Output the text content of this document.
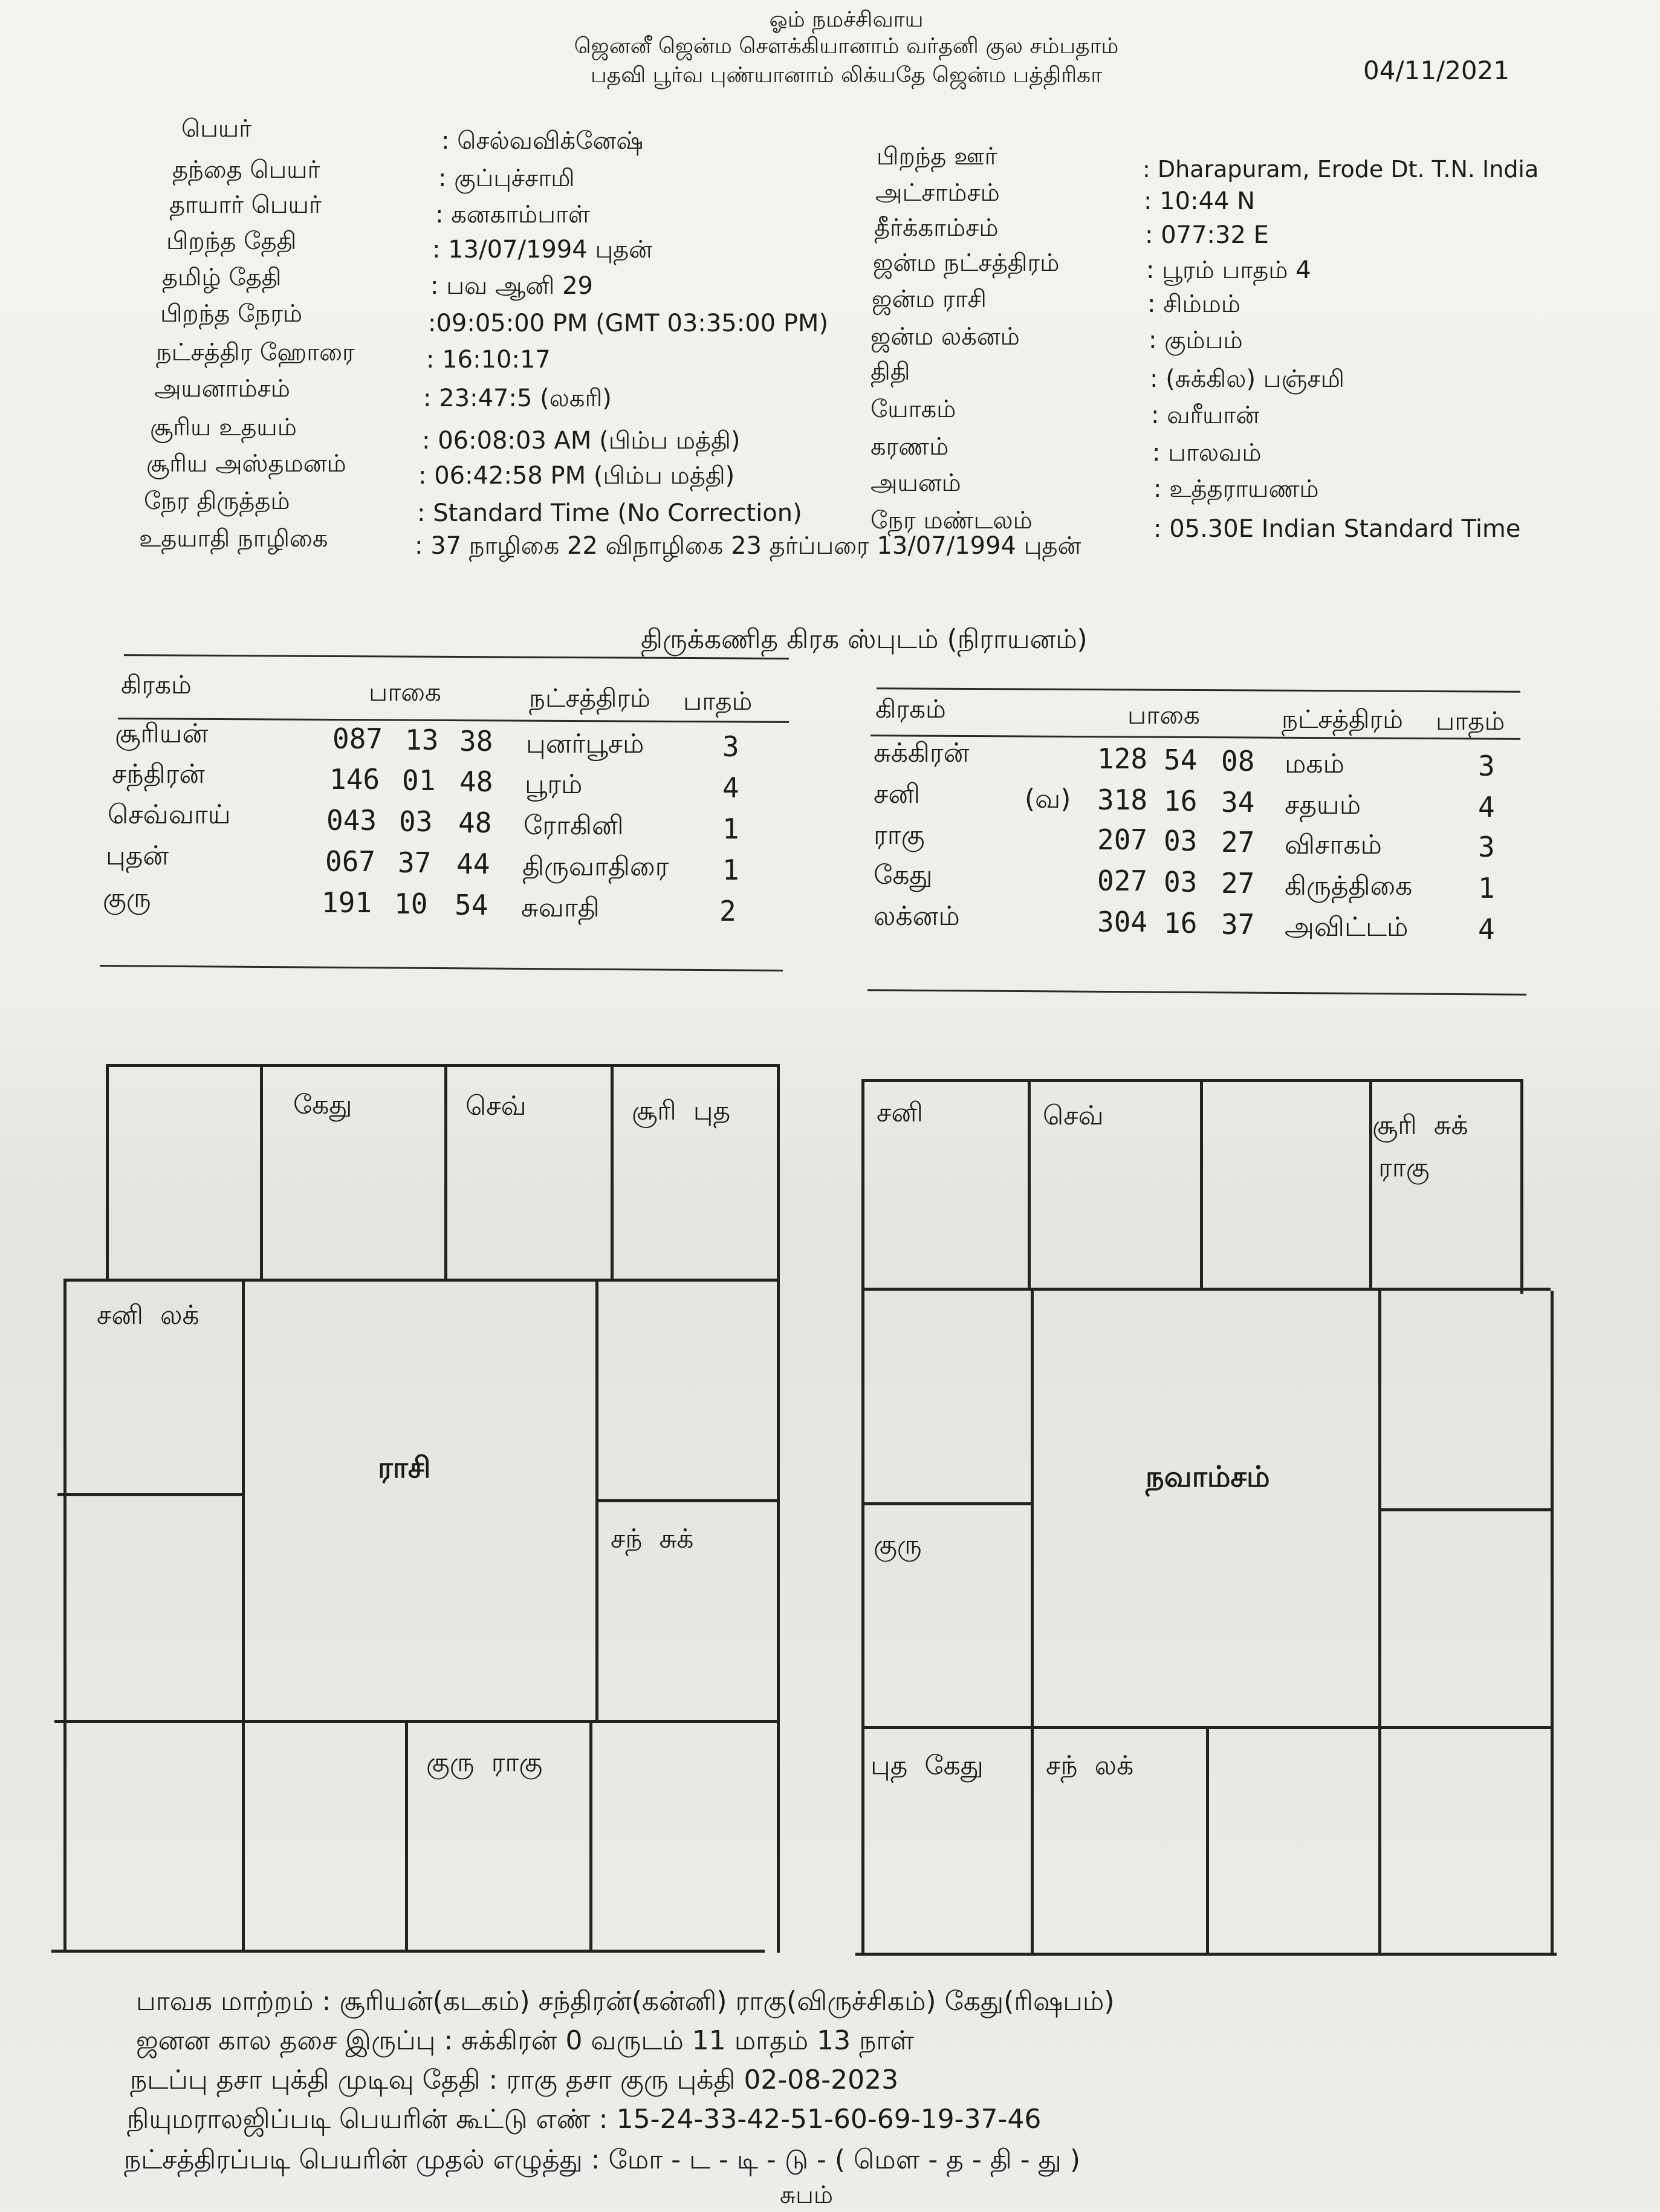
ஓம் நமச்சிவாய
ஜெனனீ ஜென்ம சௌக்கியானாம் வர்தனி குல சம்பதாம்
பதவி பூர்வ புண்யானாம் லிக்யதே ஜென்ம பத்திரிகா	04/11/2021
பெயர்	: செல்வவிக்னேஷ்
தந்தை பெயர்	: குப்புச்சாமி
தாயார் பெயர்	: கனகாம்பாள்
பிறந்த தேதி	: 13/07/1994 புதன்
தமிழ் தேதி	: பவ ஆனி 29
பிறந்த நேரம்	:09:05:00 PM (GMT 03:35:00 PM)
நட்சத்திர ஹோரை	: 16:10:17
அயனாம்சம்	: 23:47:5 (லகரி)
சூரிய உதயம்	: 06:08:03 AM (பிம்ப மத்தி)
சூரிய அஸ்தமனம்	: 06:42:58 PM (பிம்ப மத்தி)
நேர திருத்தம்	: Standard Time (No Correction)
உதயாதி நாழிகை	: 37 நாழிகை 22 விநாழிகை 23 தர்ப்பரை 13/07/1994 புதன்
பிறந்த ஊர்	: Dharapuram, Erode Dt. T.N. India
அட்சாம்சம்	: 10:44 N
தீர்க்காம்சம்	: 077:32 E
ஜன்ம நட்சத்திரம்	: பூரம் பாதம் 4
ஜன்ம ராசி	: சிம்மம்
ஜன்ம லக்னம்	: கும்பம்
திதி	: (சுக்கில) பஞ்சமி
யோகம்	: வரீயான்
கரணம்	: பாலவம்
அயனம்	: உத்தராயணம்
நேர மண்டலம்	: 05.30E Indian Standard Time
திருக்கணித கிரக ஸ்புடம் (நிராயனம்)
கிரகம்	பாகை	நட்சத்திரம் பாதம்
சூரியன்	087 13 38 புனர்பூசம்	3
சந்திரன்	146 01 48 பூரம்	4
செவ்வாய்	043 03 48 ரோகினி	1
புதன்	067 37 44 திருவாதிரை 1
குரு	191 10 54 சுவாதி	2
கிரகம்	பாகை	நட்சத்திரம் பாதம்
சுக்கிரன்	128 54 08 மகம்	3
சனி	(வ) 318 16 34 சதயம்	4
ராகு	207 03 27 விசாகம்	3
கேது	027 03 27 கிருத்திகை 1
லக்னம்	304 16 37 அவிட்டம்	4
கேது	செவ்	சூரி  புத
சனி  லக்
சந்  சுக்
குரு  ராகு
ராசி
சனி	செவ்	சூரி  சுக்
ராகு
குரு
புத  கேது சந்  லக்
நவாம்சம்
பாவக மாற்றம் : சூரியன்(கடகம்) சந்திரன்(கன்னி) ராகு(விருச்சிகம்) கேது(ரிஷபம்)
ஜனன கால தசை இருப்பு : சுக்கிரன் 0 வருடம் 11 மாதம் 13 நாள்
நடப்பு தசா புக்தி முடிவு தேதி : ராகு தசா குரு புக்தி 02-08-2023
நியுமராலஜிப்படி பெயரின் கூட்டு எண் : 15-24-33-42-51-60-69-19-37-46
நட்சத்திரப்படி பெயரின் முதல் எழுத்து : மோ - ட - டி - டு - ( மௌ - த - தி - து )
சுபம்
